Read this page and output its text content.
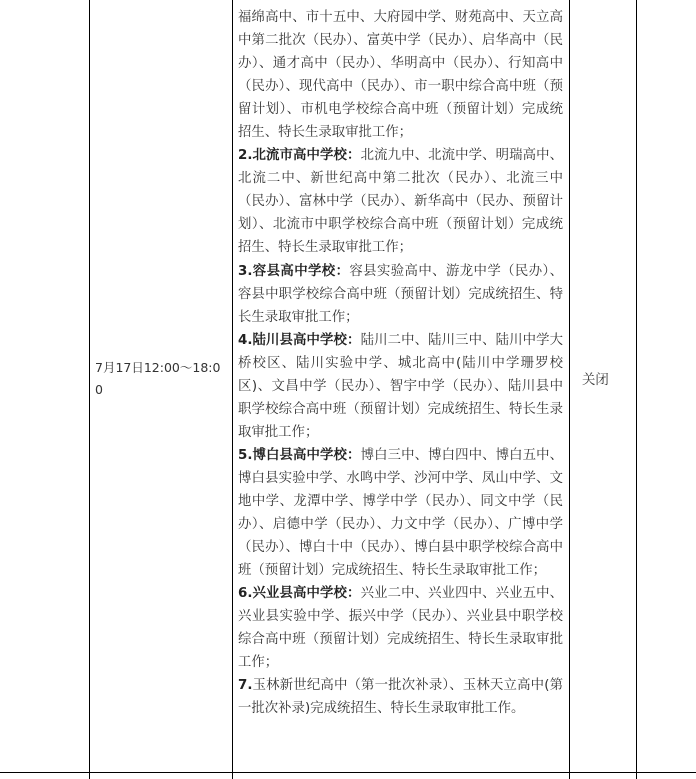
7月17日12:00～18:00

福绵高中、市十五中、大府园中学、财苑高中、天立高中第二批次（民办）、富英中学（民办）、启华高中（民办）、通才高中（民办）、华明高中（民办）、行知高中（民办）、现代高中（民办）、市一职中综合高中班（预留计划）、市机电学校综合高中班（预留计划）完成统招生、特长生录取审批工作；

2.北流市高中学校：北流九中、北流中学、明瑞高中、北流二中、新世纪高中第二批次（民办）、北流三中（民办）、富林中学（民办）、新华高中（民办、预留计划）、北流市中职学校综合高中班（预留计划）完成统招生、特长生录取审批工作；

3.容县高中学校：容县实验高中、游龙中学（民办）、容县中职学校综合高中班（预留计划）完成统招生、特长生录取审批工作；

4.陆川县高中学校：陆川二中、陆川三中、陆川中学大桥校区、陆川实验中学、城北高中(陆川中学珊罗校区)、文昌中学（民办）、智宇中学（民办）、陆川县中职学校综合高中班（预留计划）完成统招生、特长生录取审批工作；

5.博白县高中学校：博白三中、博白四中、博白五中、博白县实验中学、水鸣中学、沙河中学、凤山中学、文地中学、龙潭中学、博学中学（民办）、同文中学（民办）、启德中学（民办）、力文中学（民办）、广博中学（民办）、博白十中（民办）、博白县中职学校综合高中班（预留计划）完成统招生、特长生录取审批工作；

6.兴业县高中学校：兴业二中、兴业四中、兴业五中、兴业县实验中学、振兴中学（民办）、兴业县中职学校综合高中班（预留计划）完成统招生、特长生录取审批工作；

7.玉林新世纪高中（第一批次补录）、玉林天立高中(第一批次补录)完成统招生、特长生录取审批工作。

关闭
